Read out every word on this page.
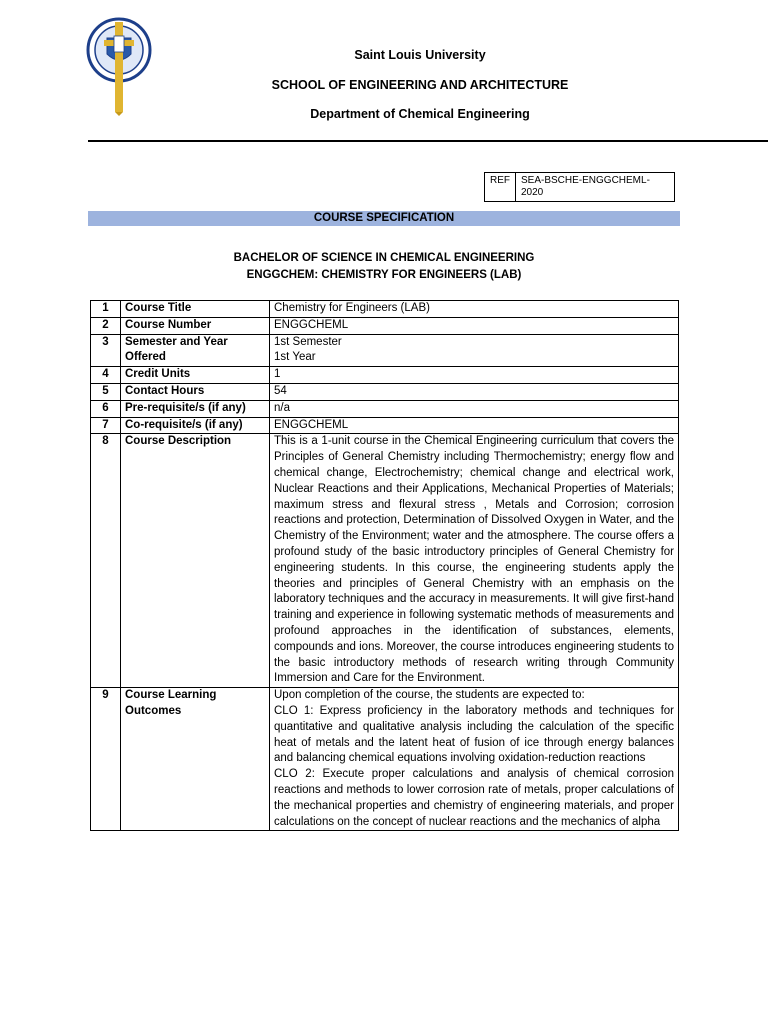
Saint Louis University
SCHOOL OF ENGINEERING AND ARCHITECTURE
Department of Chemical Engineering
REF	SEA-BSCHE-ENGGCHEML-2020
COURSE SPECIFICATION
BACHELOR OF SCIENCE IN CHEMICAL ENGINEERING
ENGGCHEM: CHEMISTRY FOR ENGINEERS (LAB)
1	Course Title	Chemistry for Engineers (LAB)
2	Course Number	ENGGCHEML
3	Semester and Year Offered	1st Semester
1st Year

4	Credit Units	1
5	Contact Hours	54
6	Pre-requisite/s (if any)	n/a
7	Co-requisite/s (if any)	ENGGCHEML
8	Course Description	This is a 1-unit course in the Chemical Engineering curriculum that covers the Principles of General Chemistry including Thermochemistry; energy flow and chemical change, Electrochemistry; chemical change and electrical work, Nuclear Reactions and their Applications, Mechanical Properties of Materials; maximum stress and flexural stress , Metals and Corrosion; corrosion reactions and protection, Determination of Dissolved Oxygen in Water, and the Chemistry of the Environment; water and the atmosphere. The course offers a profound study of the basic introductory principles of General Chemistry for engineering students. In this course, the engineering students apply the theories and principles of General Chemistry with an emphasis on the laboratory techniques and the accuracy in measurements. It will give first-hand training and experience in following systematic methods of measurements and profound approaches in the identification of substances, elements, compounds and ions. Moreover, the course introduces engineering students to the basic introductory methods of research writing through Community Immersion and Care for the Environment.
9	Course Learning Outcomes	Upon completion of the course, the students are expected to:
CLO 1: Express proficiency in the laboratory methods and techniques for quantitative and qualitative analysis including the calculation of the specific heat of metals and the latent heat of fusion of ice through energy balances and balancing chemical equations involving oxidation-reduction reactions
CLO 2: Execute proper calculations and analysis of chemical corrosion reactions and methods to lower corrosion rate of metals, proper calculations of the mechanical properties and chemistry of engineering materials, and proper calculations on the concept of nuclear reactions and the mechanics of alpha
